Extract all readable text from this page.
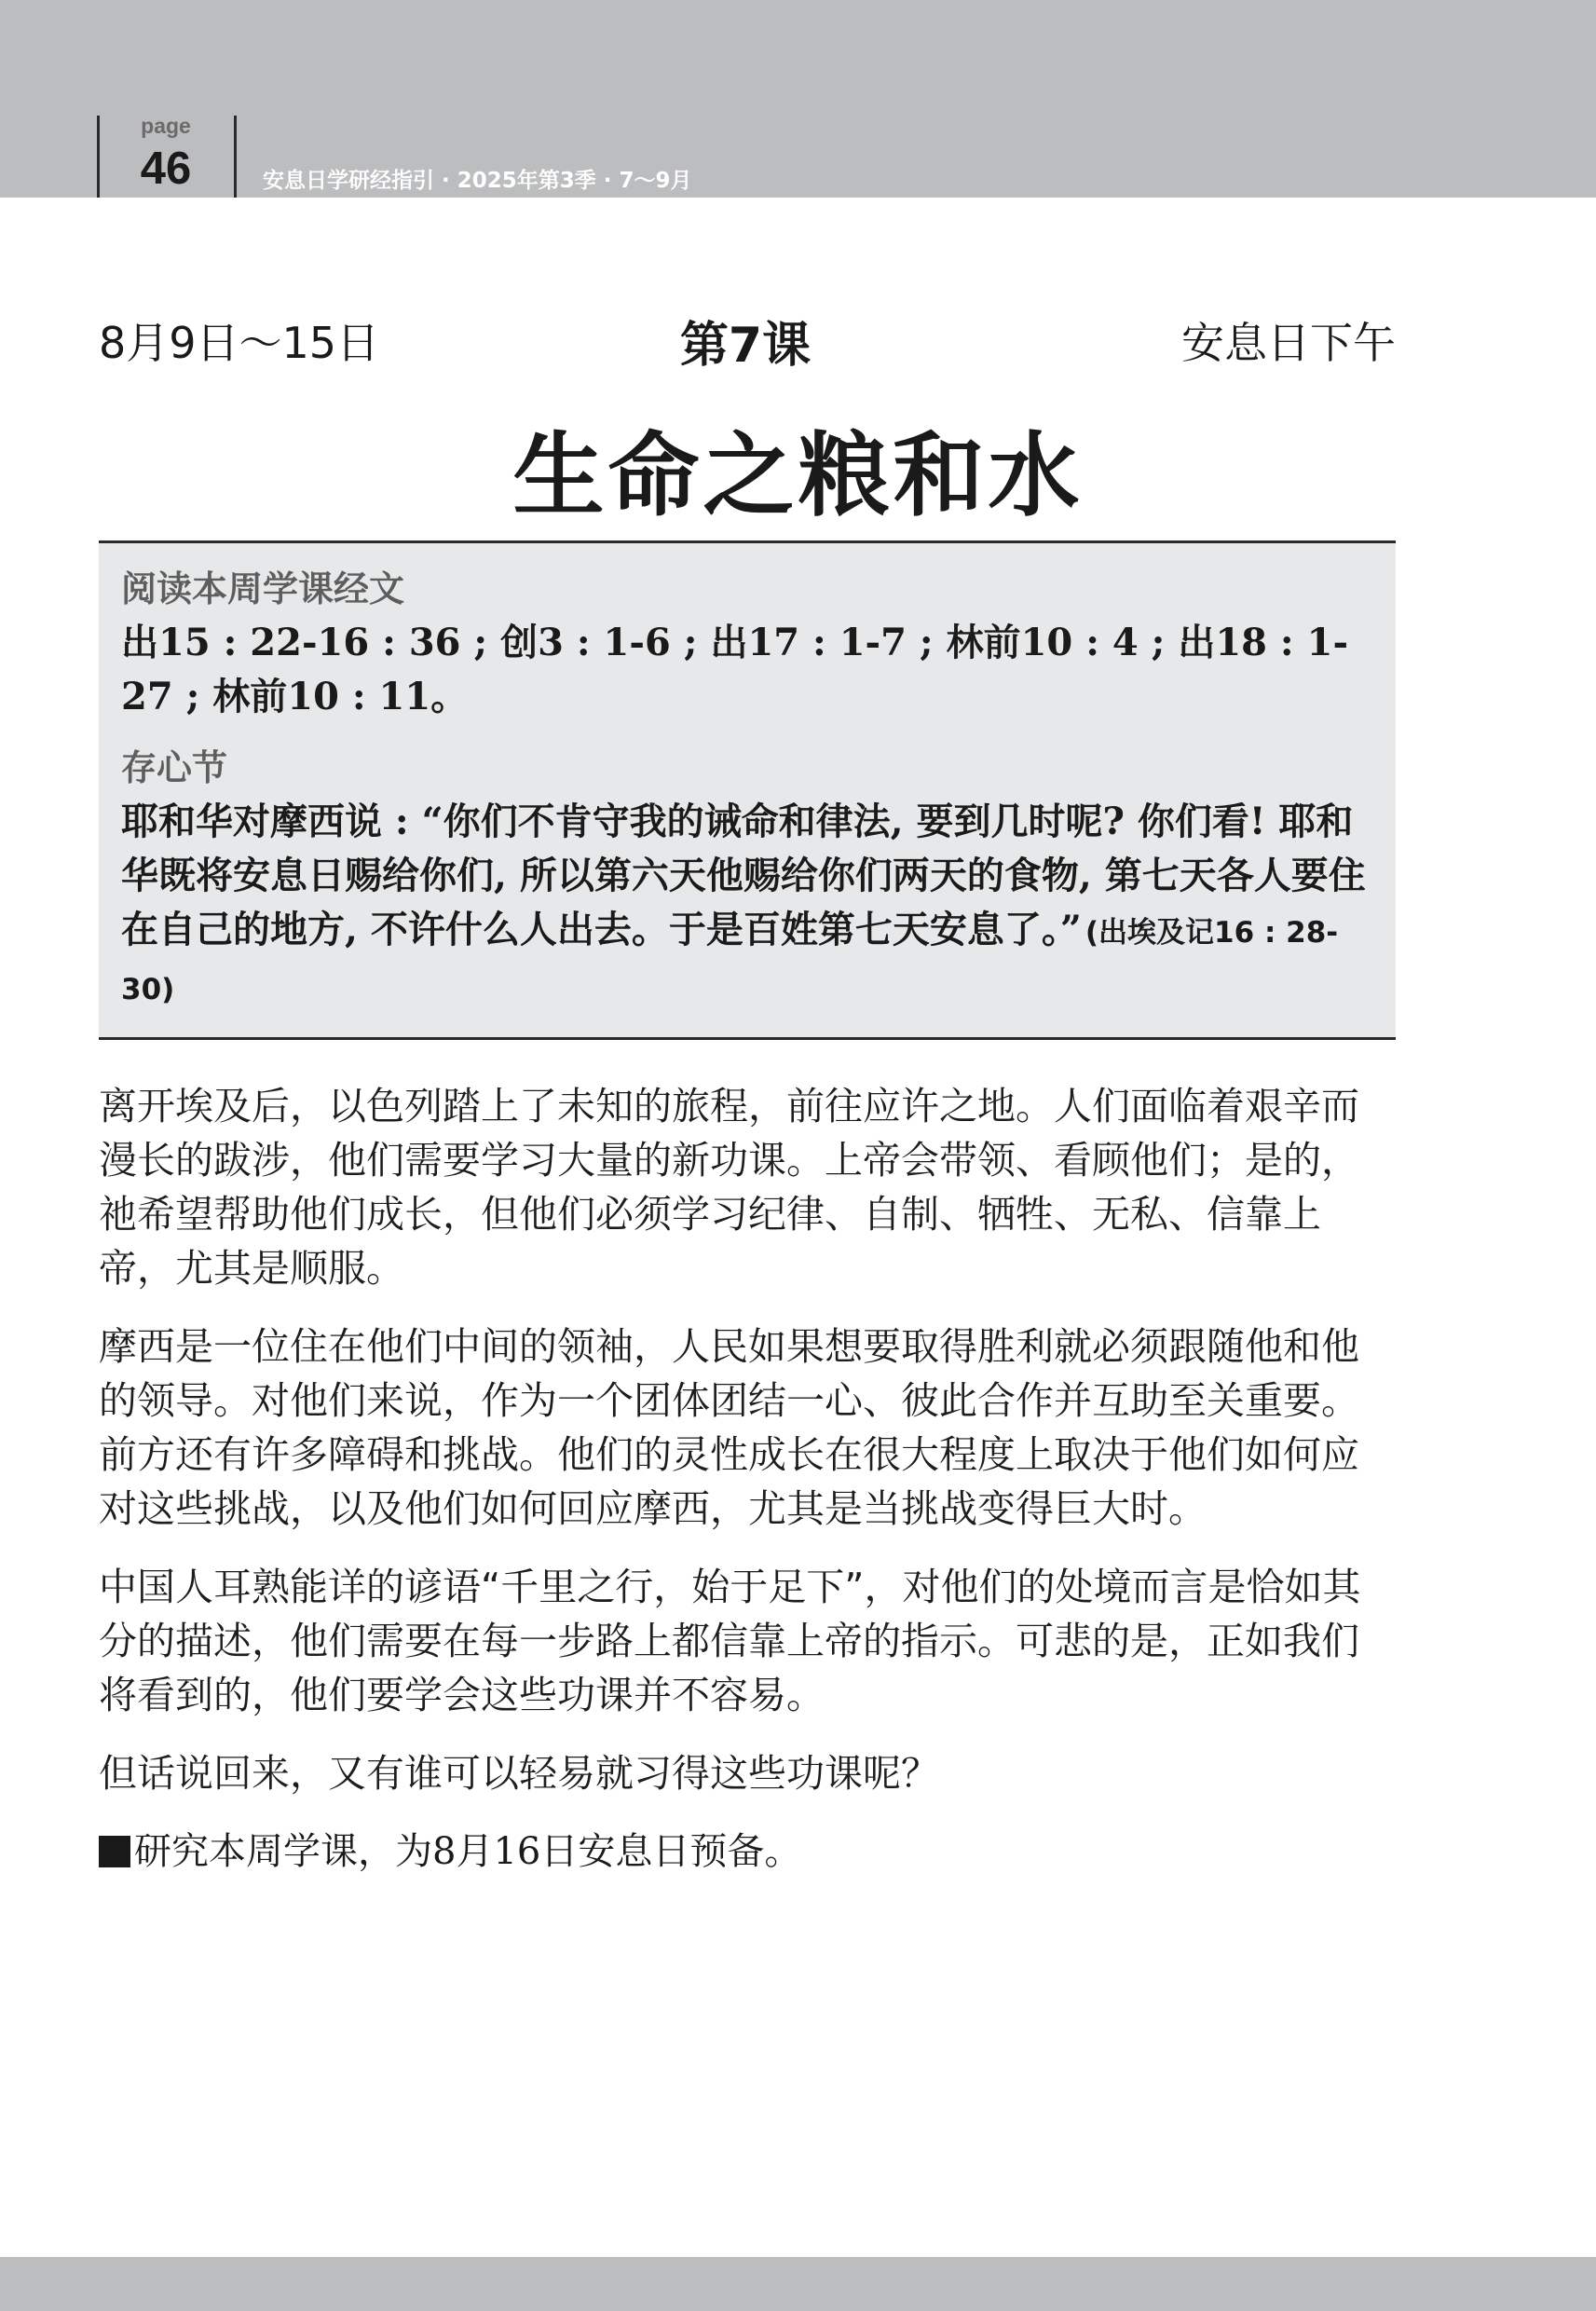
page
46	安息日学研经指引 · 2025年第3季 · 7〜9月
8月9日〜15日	第7课	安息日下午
生命之粮和水
阅读本周学课经文
出15 : 22-16 : 36 ; 创3 : 1-6 ; 出17 : 1-7 ; 林前10 : 4 ; 出18 : 1-27 ; 林前10 : 11。
存心节
耶和华对摩西说 : “你们不肯守我的诫命和律法, 要到几时呢? 你们看! 耶和华既将安息日赐给你们, 所以第六天他赐给你们两天的食物, 第七天各人要住在自己的地方, 不许什么人出去。于是百姓第七天安息了。” (出埃及记16 : 28-30)

离开埃及后，以色列踏上了未知的旅程，前往应许之地。人们面临着艰辛而漫长的跋涉，他们需要学习大量的新功课。上帝会带领、看顾他们；是的，祂希望帮助他们成长，但他们必须学习纪律、自制、牺牲、无私、信靠上帝，尤其是顺服。

摩西是一位住在他们中间的领袖，人民如果想要取得胜利就必须跟随他和他的领导。对他们来说，作为一个团体团结一心、彼此合作并互助至关重要。前方还有许多障碍和挑战。他们的灵性成长在很大程度上取决于他们如何应对这些挑战，以及他们如何回应摩西，尤其是当挑战变得巨大时。

中国人耳熟能详的谚语“千里之行，始于足下”，对他们的处境而言是恰如其分的描述，他们需要在每一步路上都信靠上帝的指示。可悲的是，正如我们将看到的，他们要学会这些功课并不容易。

但话说回来，又有谁可以轻易就习得这些功课呢？

研究本周学课，为8月16日安息日预备。
